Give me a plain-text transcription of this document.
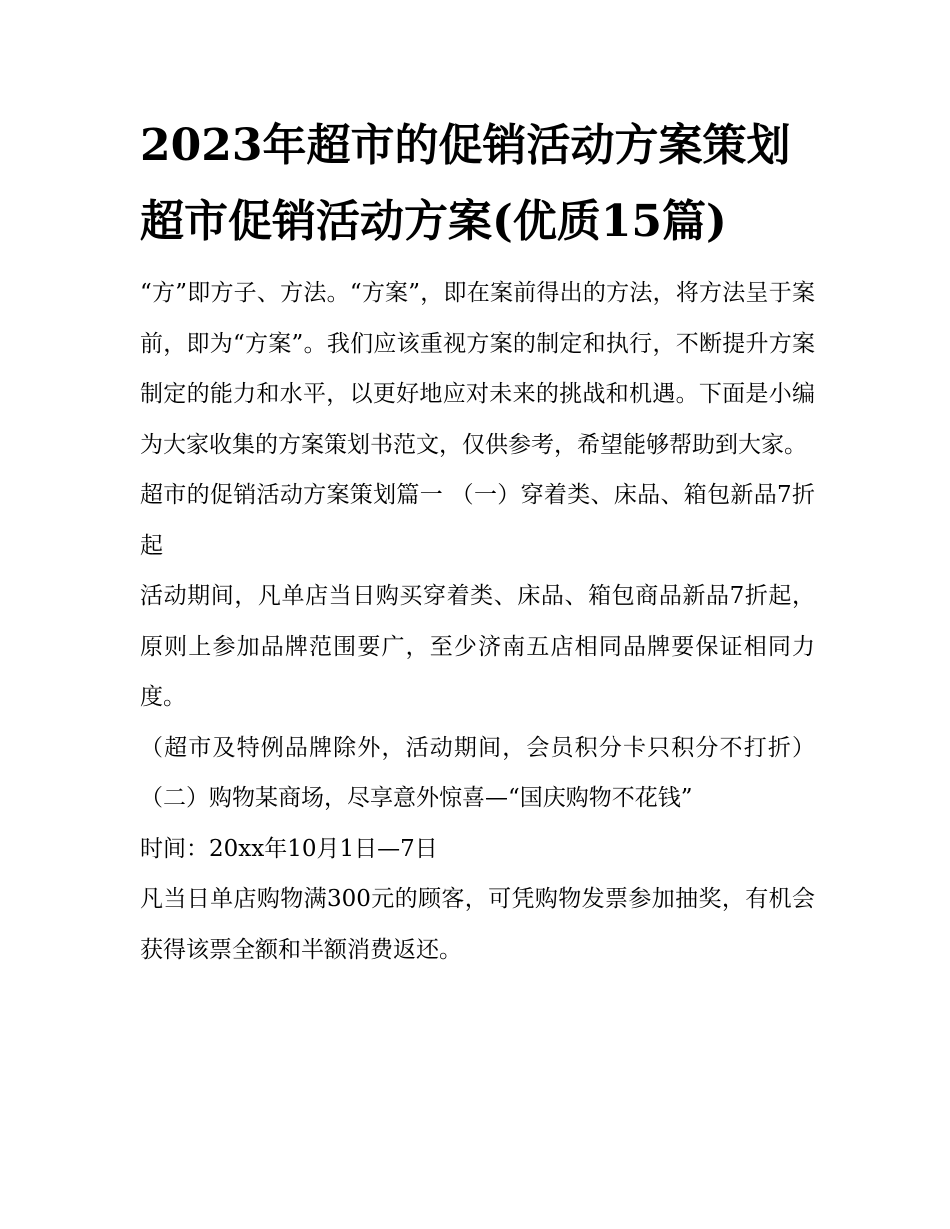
2023年超市的促销活动方案策划 超市促销活动方案(优质15篇)

“方”即方子、方法。“方案”，即在案前得出的方法，将方法呈于案前，即为“方案”。我们应该重视方案的制定和执行，不断提升方案制定的能力和水平，以更好地应对未来的挑战和机遇。下面是小编为大家收集的方案策划书范文，仅供参考，希望能够帮助到大家。

超市的促销活动方案策划篇一 （一）穿着类、床品、箱包新品7折起

活动期间，凡单店当日购买穿着类、床品、箱包商品新品7折起，原则上参加品牌范围要广，至少济南五店相同品牌要保证相同力度。

（超市及特例品牌除外，活动期间，会员积分卡只积分不打折） （二）购物某商场，尽享意外惊喜—“国庆购物不花钱”

时间：20xx年10月1日—7日

凡当日单店购物满300元的顾客，可凭购物发票参加抽奖，有机会获得该票全额和半额消费返还。
